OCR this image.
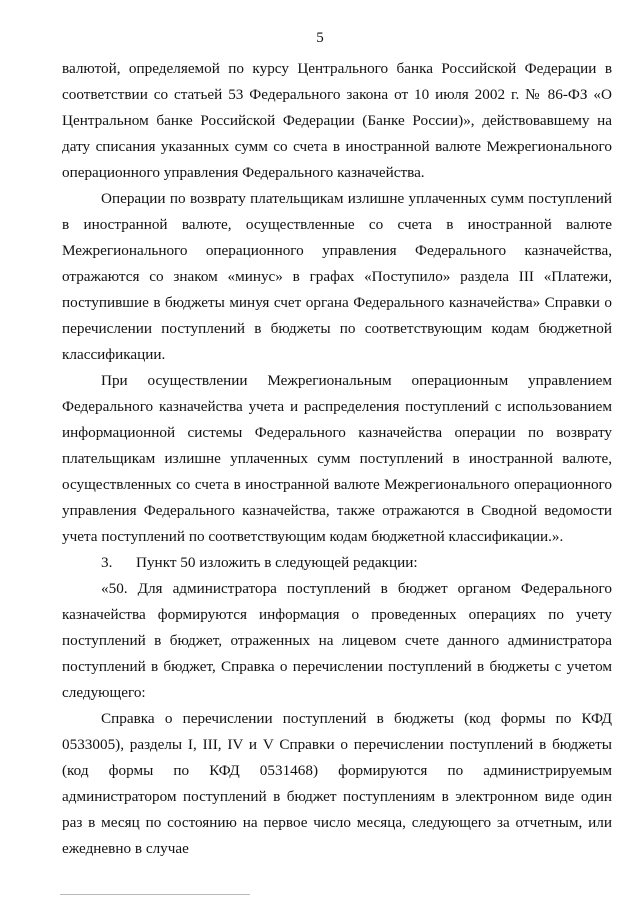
5

валютой, определяемой по курсу Центрального банка Российской Федерации в соответствии со статьей 53 Федерального закона от 10 июля 2002 г. № 86-ФЗ «О Центральном банке Российской Федерации (Банке России)», действовавшему на дату списания указанных сумм со счета в иностранной валюте Межрегионального операционного управления Федерального казначейства.

Операции по возврату плательщикам излишне уплаченных сумм поступлений в иностранной валюте, осуществленные со счета в иностранной валюте Межрегионального операционного управления Федерального казначейства, отражаются со знаком «минус» в графах «Поступило» раздела III «Платежи, поступившие в бюджеты минуя счет органа Федерального казначейства» Справки о перечислении поступлений в бюджеты по соответствующим кодам бюджетной классификации.

При осуществлении Межрегиональным операционным управлением Федерального казначейства учета и распределения поступлений с использованием информационной системы Федерального казначейства операции по возврату плательщикам излишне уплаченных сумм поступлений в иностранной валюте, осуществленных со счета в иностранной валюте Межрегионального операционного управления Федерального казначейства, также отражаются в Сводной ведомости учета поступлений по соответствующим кодам бюджетной классификации.».

3. Пункт 50 изложить в следующей редакции:

«50. Для администратора поступлений в бюджет органом Федерального казначейства формируются информация о проведенных операциях по учету поступлений в бюджет, отраженных на лицевом счете данного администратора поступлений в бюджет, Справка о перечислении поступлений в бюджеты с учетом следующего:

Справка о перечислении поступлений в бюджеты (код формы по КФД 0533005), разделы I, III, IV и V Справки о перечислении поступлений в бюджеты (код формы по КФД 0531468) формируются по администрируемым администратором поступлений в бюджет поступлениям в электронном виде один раз в месяц по состоянию на первое число месяца, следующего за отчетным, или ежедневно в случае
